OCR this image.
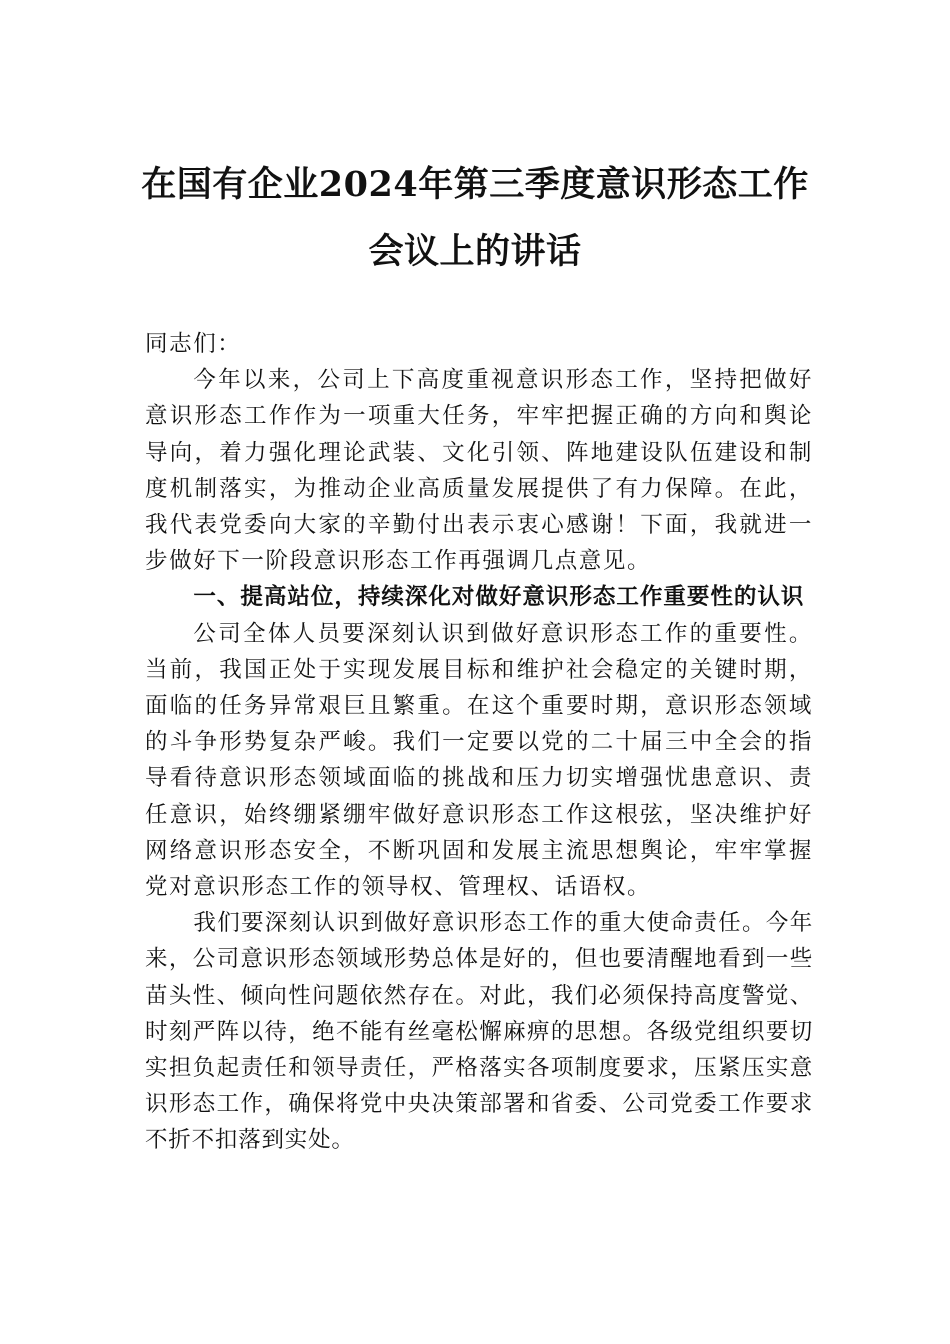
在国有企业2024年第三季度意识形态工作
会议上的讲话

同志们：

今年以来，公司上下高度重视意识形态工作，坚持把做好意识形态工作作为一项重大任务，牢牢把握正确的方向和舆论导向，着力强化理论武装、文化引领、阵地建设队伍建设和制度机制落实，为推动企业高质量发展提供了有力保障。在此，我代表党委向大家的辛勤付出表示衷心感谢！下面，我就进一步做好下一阶段意识形态工作再强调几点意见。

一、提高站位，持续深化对做好意识形态工作重要性的认识

公司全体人员要深刻认识到做好意识形态工作的重要性。当前，我国正处于实现发展目标和维护社会稳定的关键时期，面临的任务异常艰巨且繁重。在这个重要时期，意识形态领域的斗争形势复杂严峻。我们一定要以党的二十届三中全会的指导看待意识形态领域面临的挑战和压力切实增强忧患意识、责任意识，始终绷紧绷牢做好意识形态工作这根弦，坚决维护好网络意识形态安全，不断巩固和发展主流思想舆论，牢牢掌握党对意识形态工作的领导权、管理权、话语权。

我们要深刻认识到做好意识形态工作的重大使命责任。今年来，公司意识形态领域形势总体是好的，但也要清醒地看到一些苗头性、倾向性问题依然存在。对此，我们必须保持高度警觉、时刻严阵以待，绝不能有丝毫松懈麻痹的思想。各级党组织要切实担负起责任和领导责任，严格落实各项制度要求，压紧压实意识形态工作，确保将党中央决策部署和省委、公司党委工作要求不折不扣落到实处。
